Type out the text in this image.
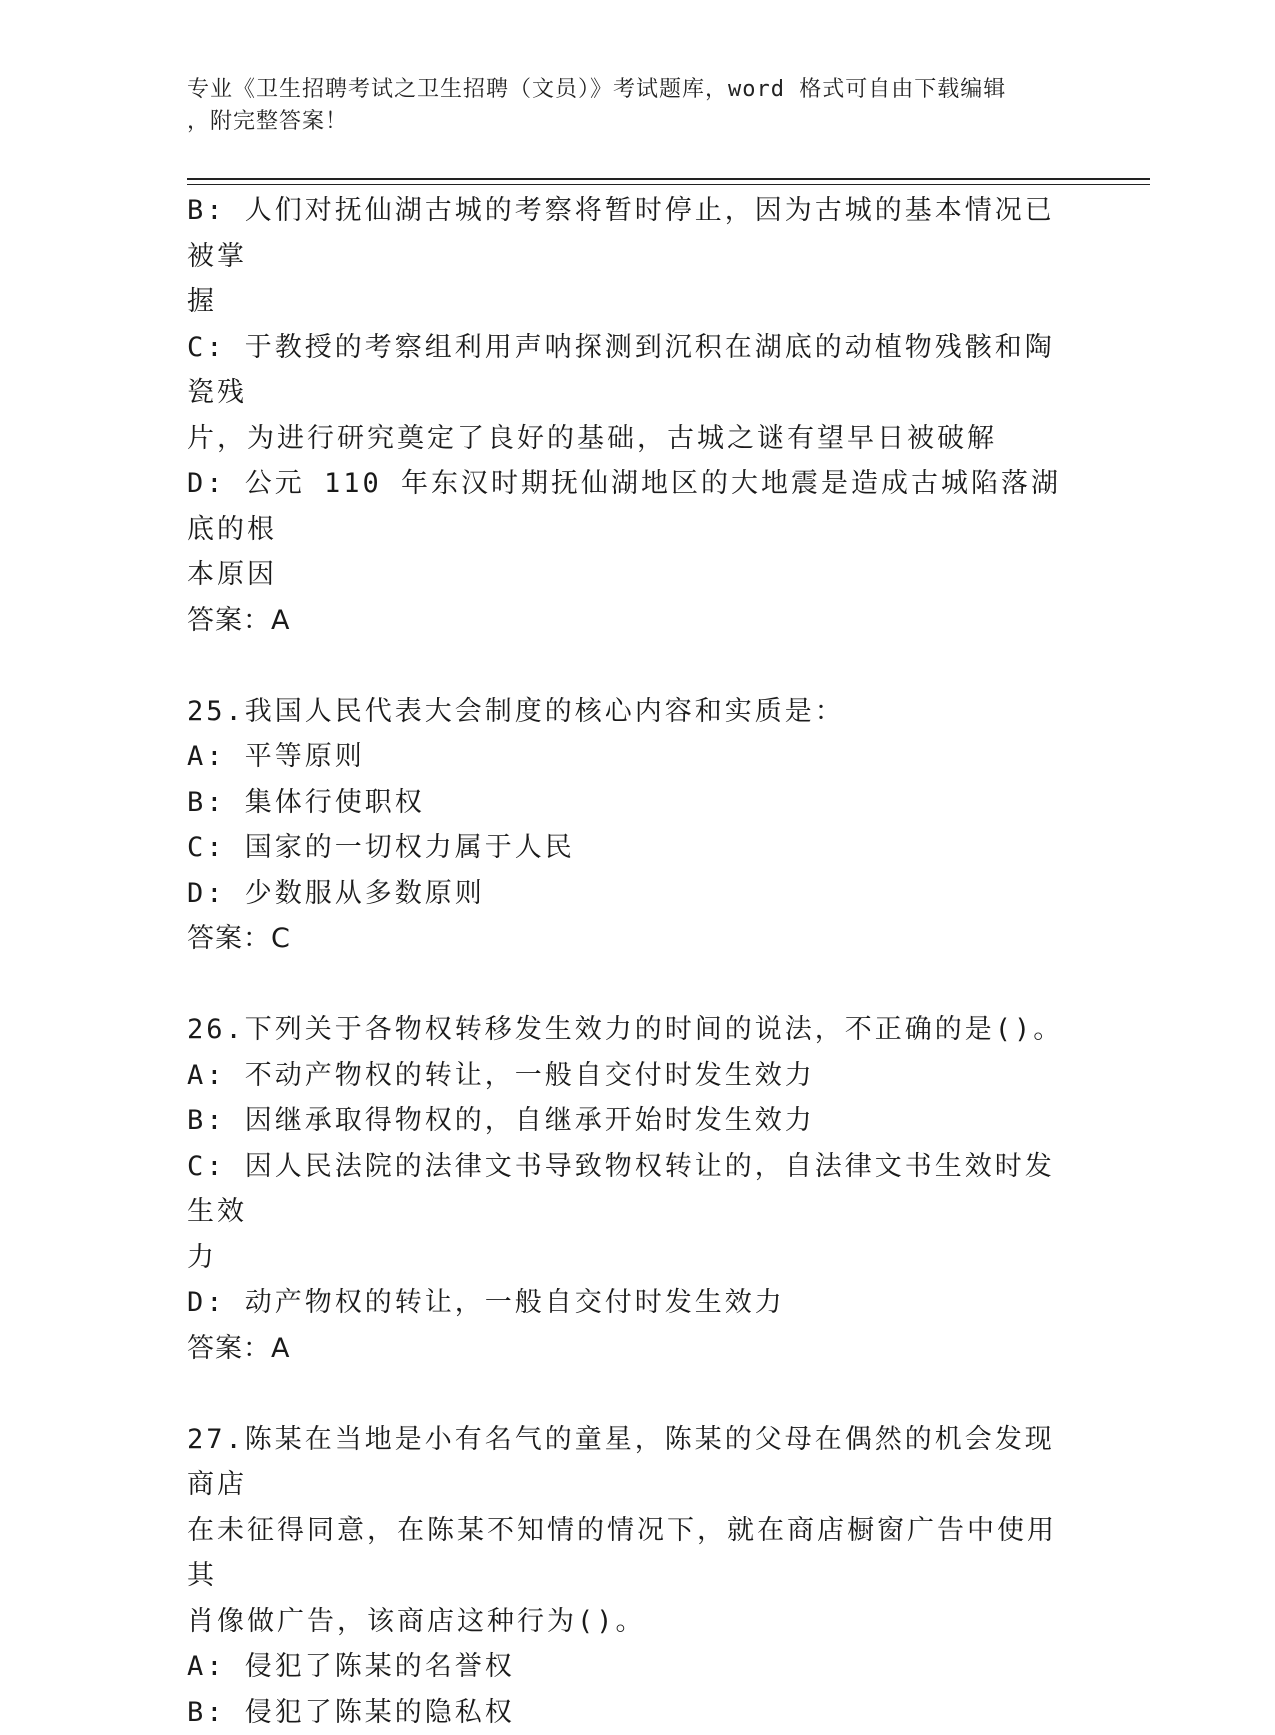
专业《卫生招聘考试之卫生招聘（文员）》考试题库，word 格式可自由下载编辑
，附完整答案！
B: 人们对抚仙湖古城的考察将暂时停止，因为古城的基本情况已被掌
握
C: 于教授的考察组利用声呐探测到沉积在湖底的动植物残骸和陶瓷残
片，为进行研究奠定了良好的基础，古城之谜有望早日被破解
D: 公元 110 年东汉时期抚仙湖地区的大地震是造成古城陷落湖底的根
本原因
答案：A
25.我国人民代表大会制度的核心内容和实质是：
A: 平等原则
B: 集体行使职权
C: 国家的一切权力属于人民
D: 少数服从多数原则
答案：C
26.下列关于各物权转移发生效力的时间的说法，不正确的是()。
A: 不动产物权的转让，一般自交付时发生效力
B: 因继承取得物权的，自继承开始时发生效力
C: 因人民法院的法律文书导致物权转让的，自法律文书生效时发生效
力
D: 动产物权的转让，一般自交付时发生效力
答案：A
27.陈某在当地是小有名气的童星，陈某的父母在偶然的机会发现商店
在未征得同意，在陈某不知情的情况下，就在商店橱窗广告中使用其
肖像做广告，该商店这种行为()。
A: 侵犯了陈某的名誉权
B: 侵犯了陈某的隐私权
